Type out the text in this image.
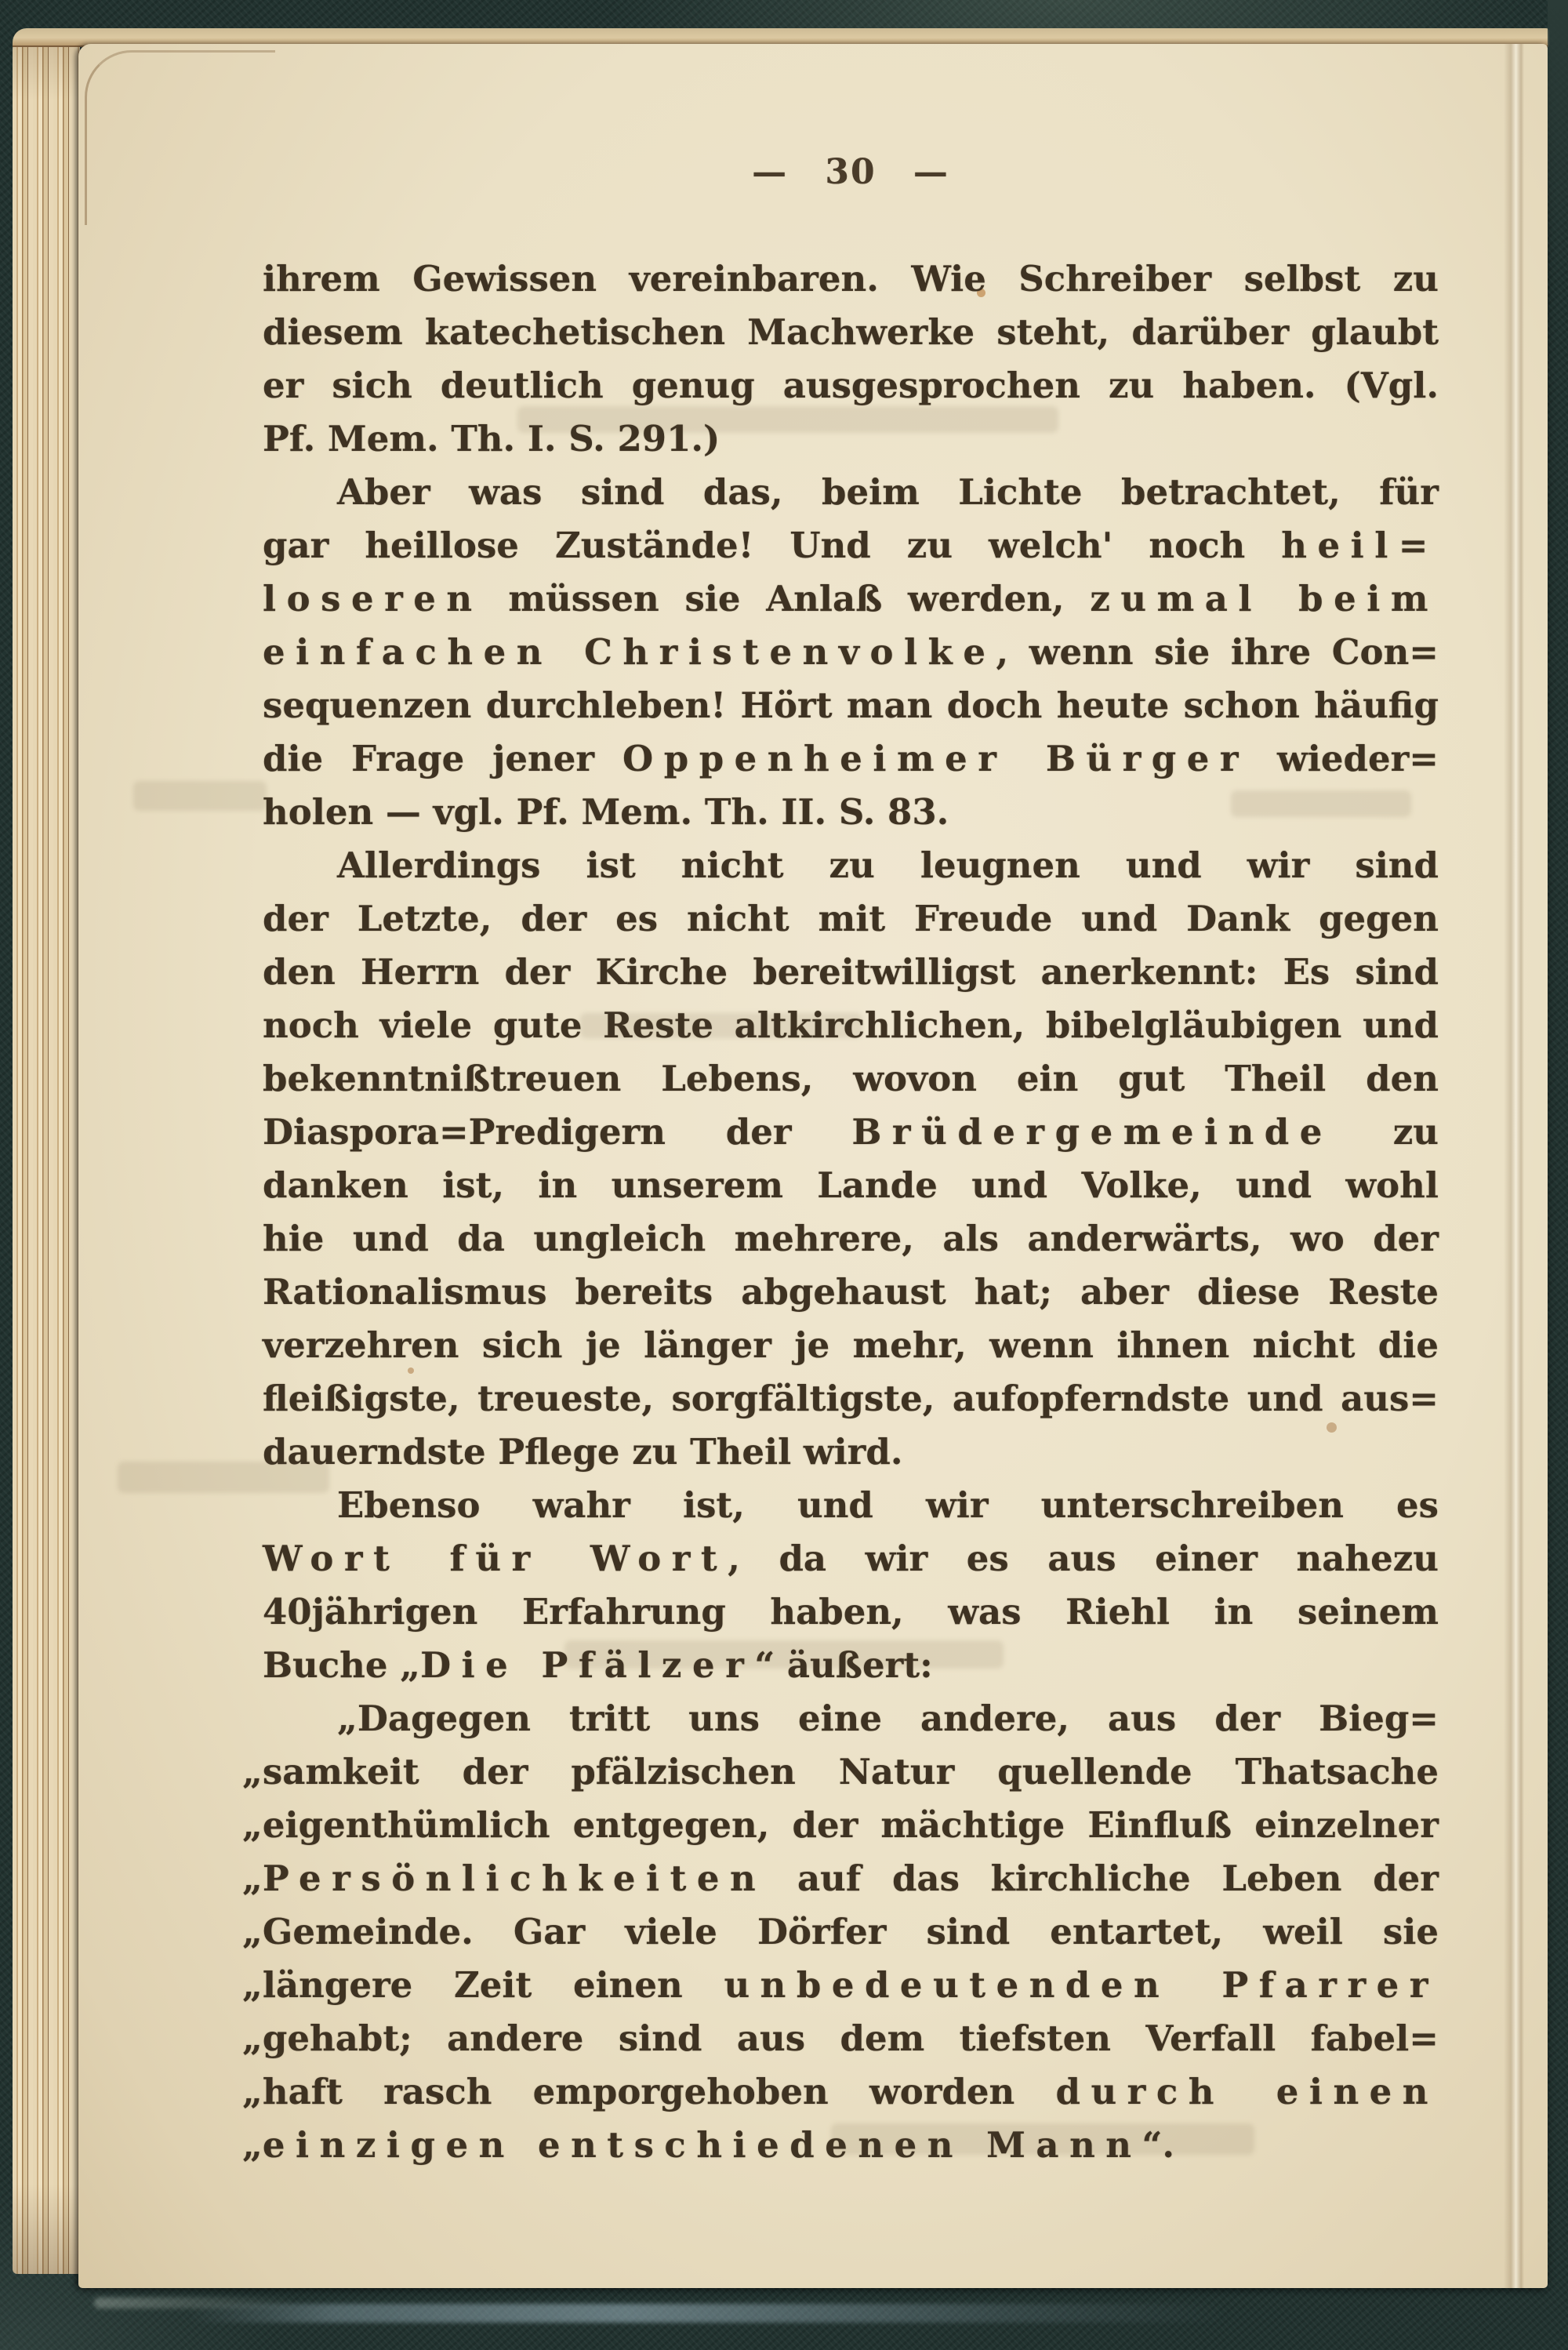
— 30 —
ihrem Gewissen vereinbaren. Wie Schreiber selbst zu
diesem katechetischen Machwerke steht, darüber glaubt
er sich deutlich genug ausgesprochen zu haben. (Vgl.
Pf. Mem. Th. I. S. 291.)
Aber was sind das, beim Lichte betrachtet, für
gar heillose Zustände! Und zu welch' noch heil=
loseren müssen sie Anlaß werden, zumal beim
einfachen Christenvolke, wenn sie ihre Con=
sequenzen durchleben! Hört man doch heute schon häufig
die Frage jener Oppenheimer Bürger wieder=
holen — vgl. Pf. Mem. Th. II. S. 83.
Allerdings ist nicht zu leugnen und wir sind
der Letzte, der es nicht mit Freude und Dank gegen
den Herrn der Kirche bereitwilligst anerkennt: Es sind
noch viele gute Reste altkirchlichen, bibelgläubigen und
bekenntnißtreuen Lebens, wovon ein gut Theil den
Diaspora=Predigern der Brüdergemeinde zu
danken ist, in unserem Lande und Volke, und wohl
hie und da ungleich mehrere, als anderwärts, wo der
Rationalismus bereits abgehaust hat; aber diese Reste
verzehren sich je länger je mehr, wenn ihnen nicht die
fleißigste, treueste, sorgfältigste, aufopferndste und aus=
dauerndste Pflege zu Theil wird.
Ebenso wahr ist, und wir unterschreiben es
Wort für Wort, da wir es aus einer nahezu
40jährigen Erfahrung haben, was Riehl in seinem
Buche „Die Pfälzer“ äußert:
„Dagegen tritt uns eine andere, aus der Bieg=
„samkeit der pfälzischen Natur quellende Thatsache
„eigenthümlich entgegen, der mächtige Einfluß einzelner
„Persönlichkeiten auf das kirchliche Leben der
„Gemeinde. Gar viele Dörfer sind entartet, weil sie
„längere Zeit einen unbedeutenden Pfarrer
„gehabt; andere sind aus dem tiefsten Verfall fabel=
„haft rasch emporgehoben worden durch einen
„einzigen entschiedenen Mann“.
